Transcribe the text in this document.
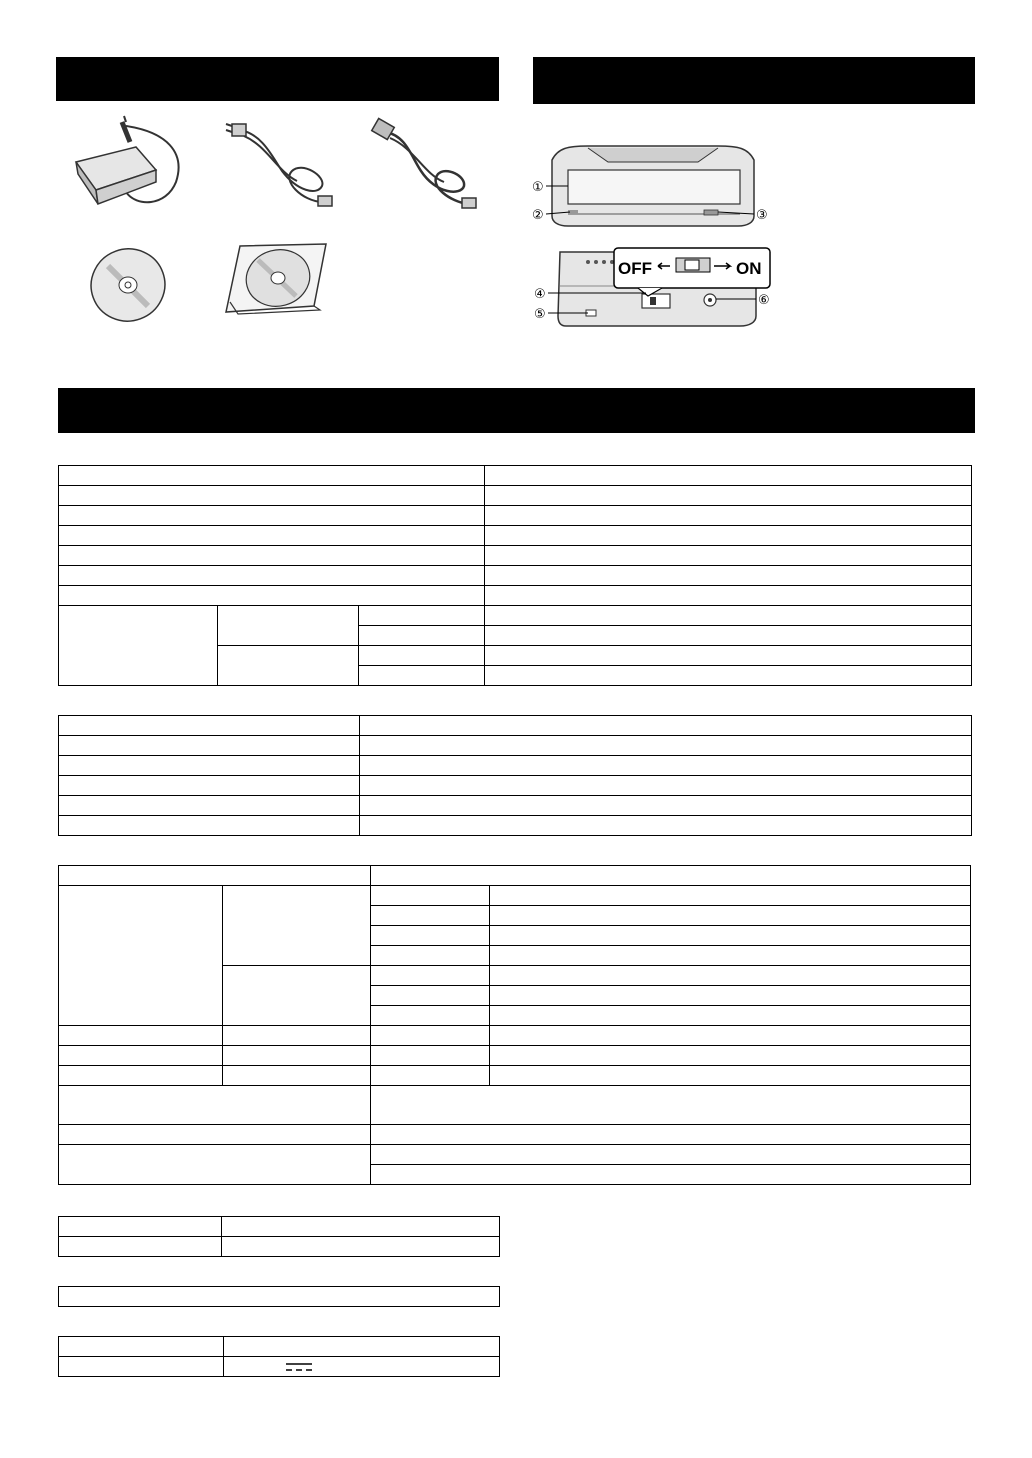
①
②	③
OFF	ON
④
⑤
⑥
